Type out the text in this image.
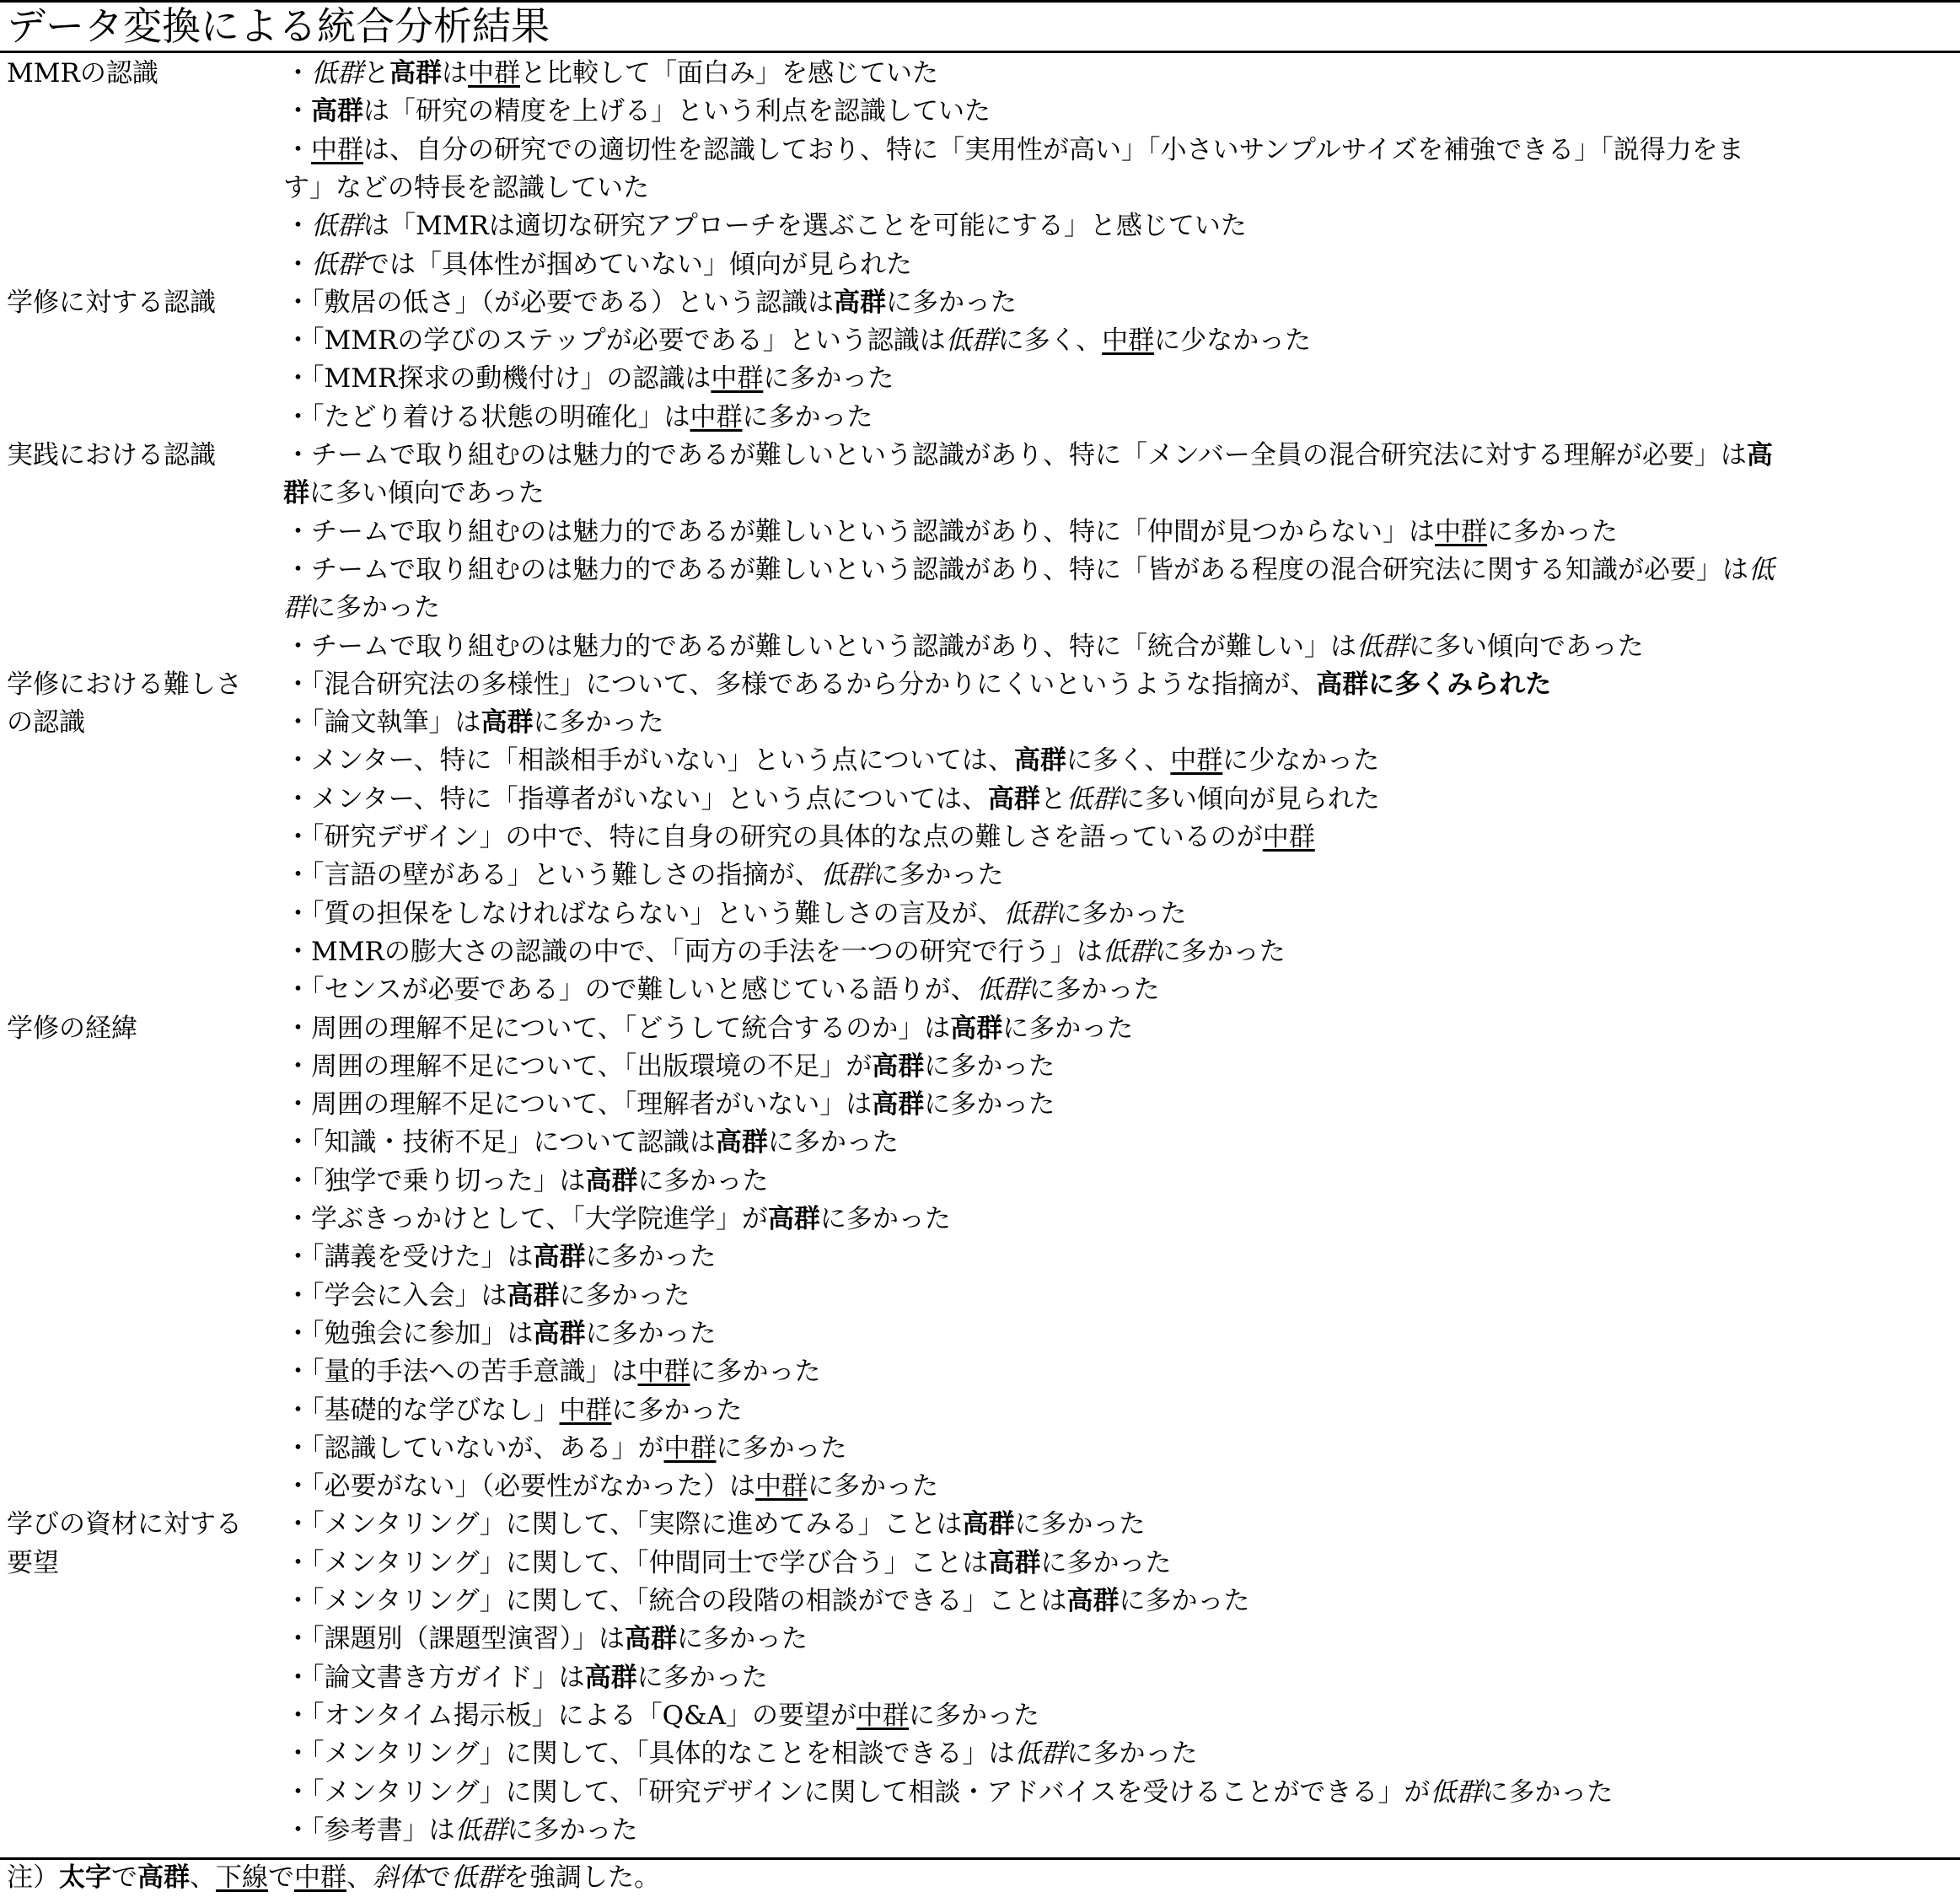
データ変換による統合分析結果
MMRの認識
学修に対する認識
実践における認識
学修における難しさ
の認識
学修の経緯
学びの資材に対する
要望
・低群と高群は中群と比較して「面白み」を感じていた
・高群は「研究の精度を上げる」という利点を認識していた
・中群は、自分の研究での適切性を認識しており、特に「実用性が高い」「小さいサンプルサイズを補強できる」「説得力をま
す」などの特長を認識していた
・低群は「MMRは適切な研究アプローチを選ぶことを可能にする」と感じていた
・低群では「具体性が掴めていない」傾向が見られた
・「敷居の低さ」（が必要である）という認識は高群に多かった
・「MMRの学びのステップが必要である」という認識は低群に多く、中群に少なかった
・「MMR探求の動機付け」の認識は中群に多かった
・「たどり着ける状態の明確化」は中群に多かった
・チームで取り組むのは魅力的であるが難しいという認識があり、特に「メンバー全員の混合研究法に対する理解が必要」は高
群に多い傾向であった
・チームで取り組むのは魅力的であるが難しいという認識があり、特に「仲間が見つからない」は中群に多かった
・チームで取り組むのは魅力的であるが難しいという認識があり、特に「皆がある程度の混合研究法に関する知識が必要」は低
群に多かった
・チームで取り組むのは魅力的であるが難しいという認識があり、特に「統合が難しい」は低群に多い傾向であった
・「混合研究法の多様性」について、多様であるから分かりにくいというような指摘が、高群に多くみられた
・「論文執筆」は高群に多かった
・メンター、特に「相談相手がいない」という点については、高群に多く、中群に少なかった
・メンター、特に「指導者がいない」という点については、高群と低群に多い傾向が見られた
・「研究デザイン」の中で、特に自身の研究の具体的な点の難しさを語っているのが中群
・「言語の壁がある」という難しさの指摘が、低群に多かった
・「質の担保をしなければならない」という難しさの言及が、低群に多かった
・MMRの膨大さの認識の中で、「両方の手法を一つの研究で行う」は低群に多かった
・「センスが必要である」ので難しいと感じている語りが、低群に多かった
・周囲の理解不足について、「どうして統合するのか」は高群に多かった
・周囲の理解不足について、「出版環境の不足」が高群に多かった
・周囲の理解不足について、「理解者がいない」は高群に多かった
・「知識・技術不足」について認識は高群に多かった
・「独学で乗り切った」は高群に多かった
・学ぶきっかけとして、「大学院進学」が高群に多かった
・「講義を受けた」は高群に多かった
・「学会に入会」は高群に多かった
・「勉強会に参加」は高群に多かった
・「量的手法への苦手意識」は中群に多かった
・「基礎的な学びなし」中群に多かった
・「認識していないが、ある」が中群に多かった
・「必要がない」（必要性がなかった）は中群に多かった
・「メンタリング」に関して、「実際に進めてみる」ことは高群に多かった
・「メンタリング」に関して、「仲間同士で学び合う」ことは高群に多かった
・「メンタリング」に関して、「統合の段階の相談ができる」ことは高群に多かった
・「課題別（課題型演習）」は高群に多かった
・「論文書き方ガイド」は高群に多かった
・「オンタイム掲示板」による「Q&A」の要望が中群に多かった
・「メンタリング」に関して、「具体的なことを相談できる」は低群に多かった
・「メンタリング」に関して、「研究デザインに関して相談・アドバイスを受けることができる」が低群に多かった
・「参考書」は低群に多かった
注）太字で高群、下線で中群、斜体で低群を強調した。
